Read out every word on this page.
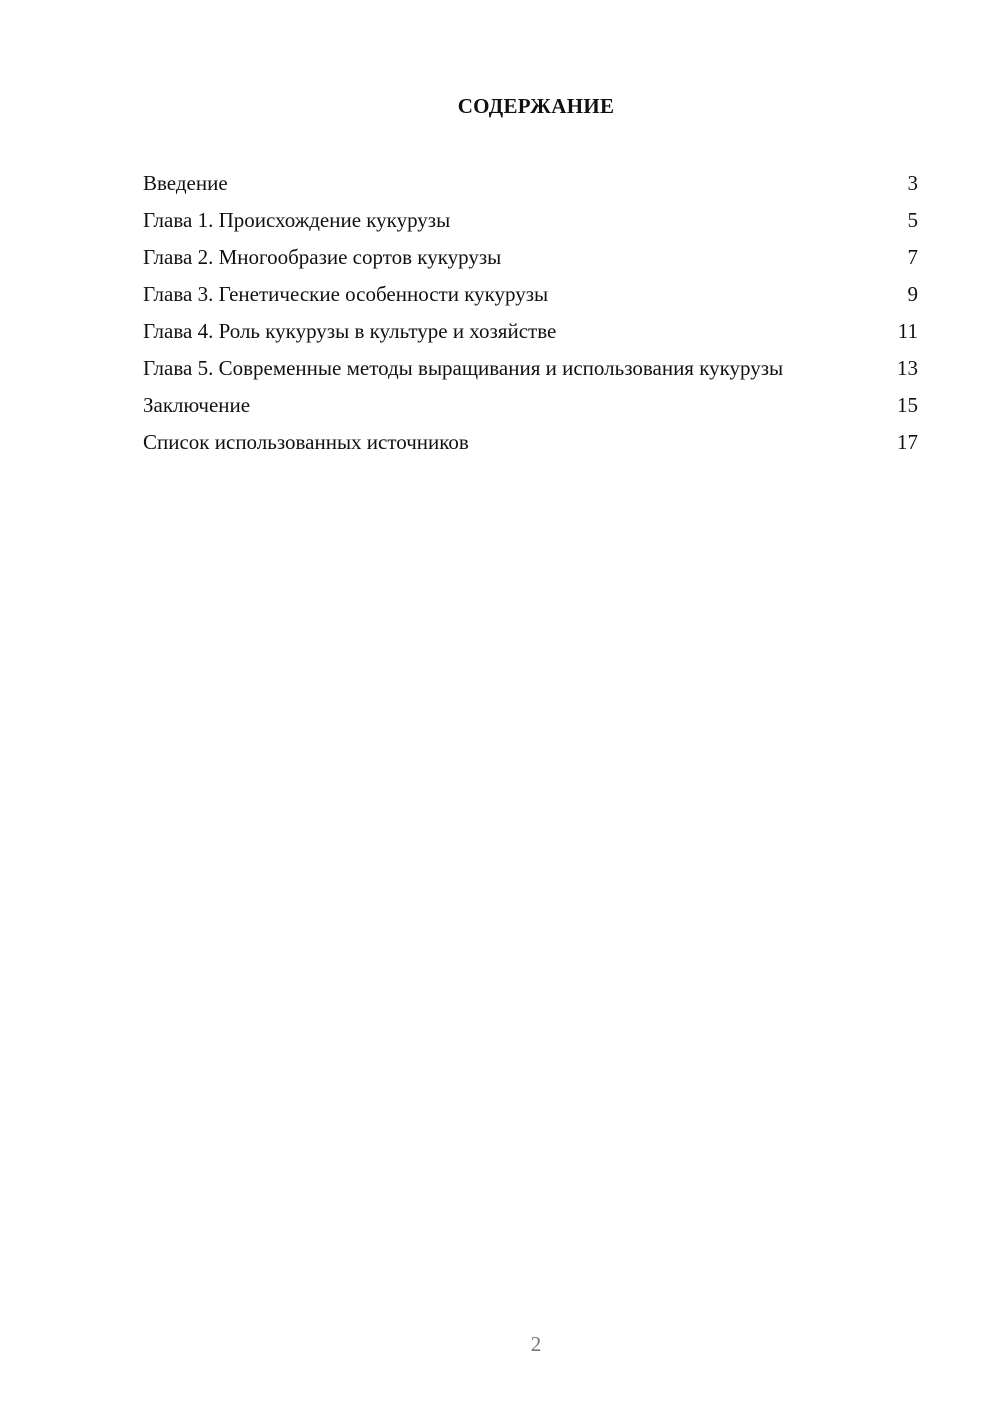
СОДЕРЖАНИЕ
Введение	3
Глава 1. Происхождение кукурузы	5
Глава 2. Многообразие сортов кукурузы	7
Глава 3. Генетические особенности кукурузы	9
Глава 4. Роль кукурузы в культуре и хозяйстве	11
Глава 5. Современные методы выращивания и использования кукурузы	13
Заключение	15
Список использованных источников	17
2
